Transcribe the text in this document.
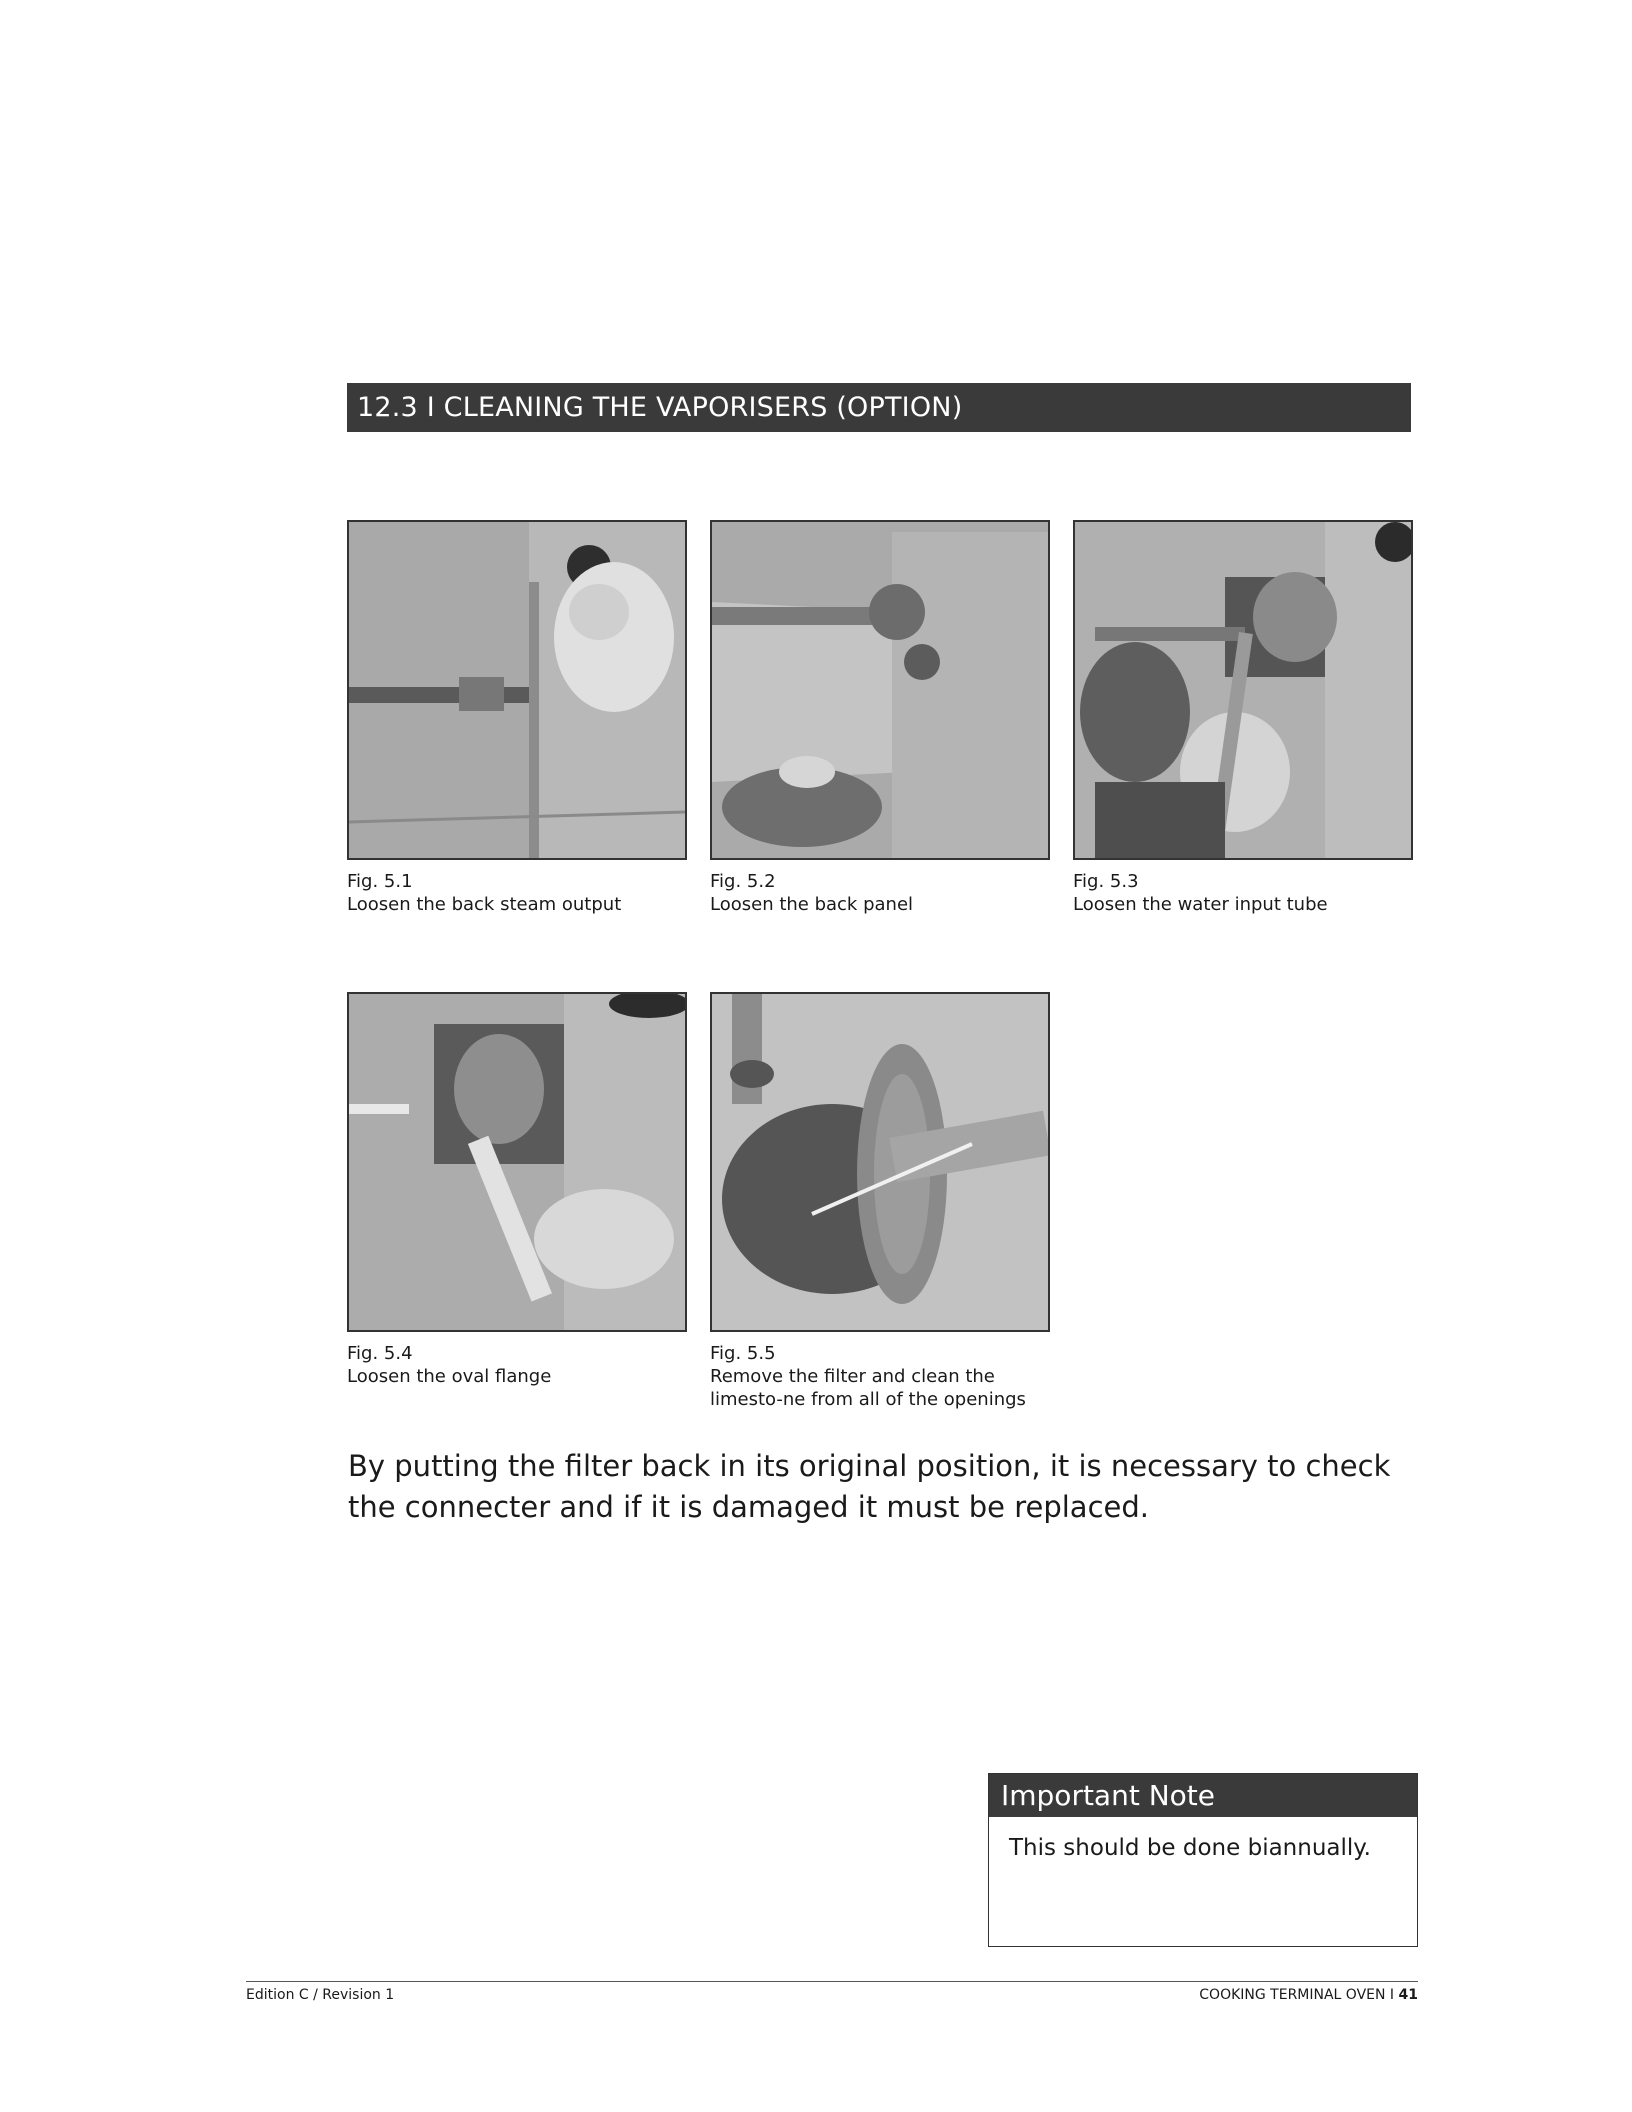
12.3 I CLEANING THE VAPORISERS (OPTION)
Fig. 5.1
Loosen the back steam output
Fig. 5.2
Loosen the back panel
Fig. 5.3
Loosen the water input tube
Fig. 5.4
Loosen the oval flange
Fig. 5.5
Remove the filter and clean the limesto-ne from all of the openings
By putting the filter back in its original position, it is necessary to check the connecter and if it is damaged it must be replaced.
Important Note
This should be done biannually.
Edition C / Revision 1	COOKING TERMINAL OVEN I 41
